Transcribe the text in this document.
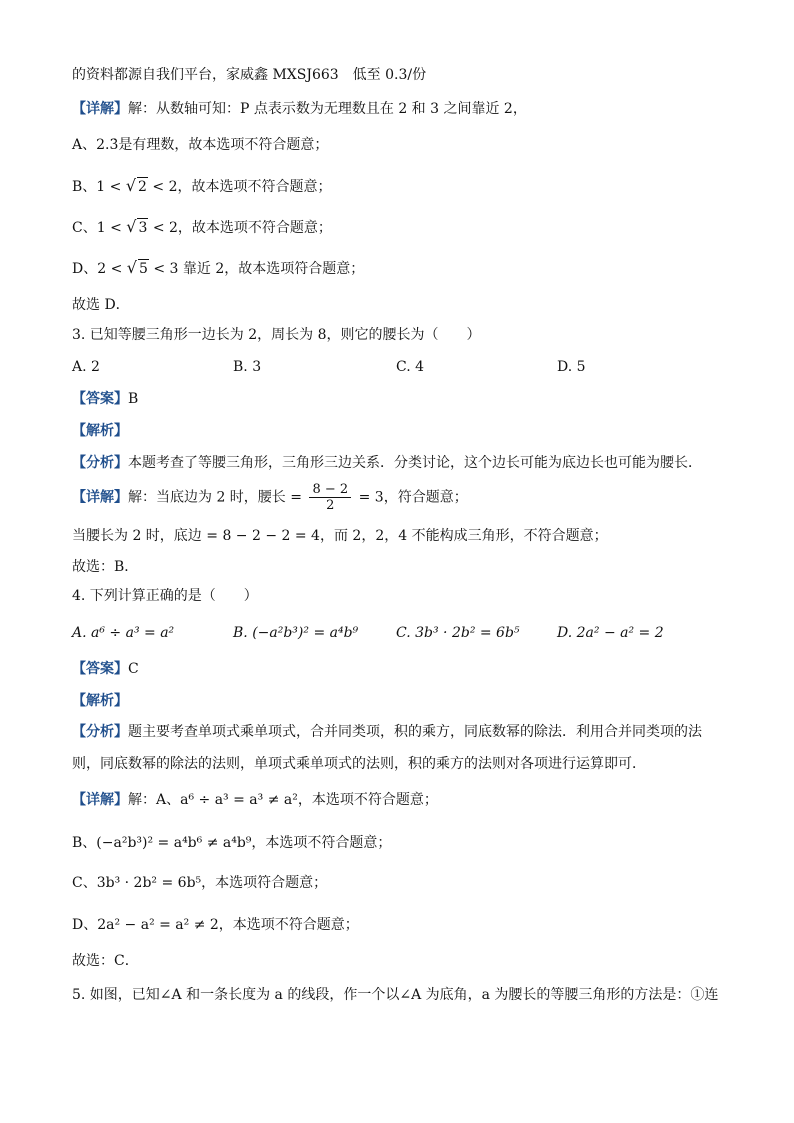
的资料都源自我们平台，家威鑫 MXSJ663　低至 0.3/份
【详解】解：从数轴可知：P 点表示数为无理数且在 2 和 3 之间靠近 2，
A、2.3̇是有理数，故本选项不符合题意；
B、1 < √ 2 < 2，故本选项不符合题意；
C、1 < √ 3 < 2，故本选项不符合题意；
D、2 < √ 5 < 3 靠近 2，故本选项符合题意；
故选 D．
3. 已知等腰三角形一边长为 2，周长为 8，则它的腰长为（　　）
A. 2	B. 3	C. 4	D. 5
【答案】B
【解析】
【分析】本题考查了等腰三角形，三角形三边关系．分类讨论，这个边长可能为底边长也可能为腰长．
【详解】解：当底边为 2 时，腰长 = $\frac{8 - 2}{2} = 3$，符合题意；
当腰长为 2 时，底边 = 8 − 2 − 2 = 4，而 2，2，4 不能构成三角形，不符合题意；
故选：B．
4. 下列计算正确的是（　　）
A. a⁶ ÷ a³ = a²	B. (−a²b³)² = a⁴b⁹	C. 3b³ · 2b² = 6b⁵	D. 2a² − a² = 2
【答案】C
【解析】
【分析】题主要考查单项式乘单项式，合并同类项，积的乘方，同底数幂的除法．利用合并同类项的法
则，同底数幂的除法的法则，单项式乘单项式的法则，积的乘方的法则对各项进行运算即可．
【详解】解：A、a⁶ ÷ a³ = a³ ≠ a²，本选项不符合题意；
B、(−a²b³)² = a⁴b⁶ ≠ a⁴b⁹，本选项不符合题意；
C、3b³ · 2b² = 6b⁵，本选项符合题意；
D、2a² − a² = a² ≠ 2，本选项不符合题意；
故选：C．
5. 如图，已知∠A 和一条长度为 a 的线段，作一个以∠A 为底角，a 为腰长的等腰三角形的方法是：①连
